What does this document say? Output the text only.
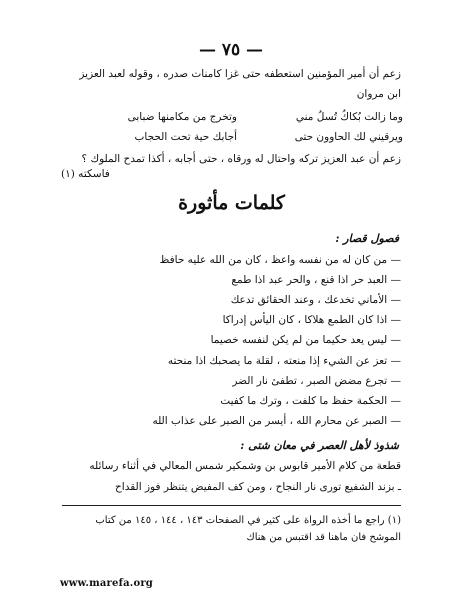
— ٧٥ —
زعم أن أمير المؤمنين استعطفه حتى غزا كامنات صدره ، وقوله لعبد العزيز
ابن مروان
وما زالت بُكاكُ تُسلُ مني
وتخرج من مكامنها ضبابى
ويرقيني لك الحاوون حتى
أجابك حية تحت الحجاب
زعم أن عبد العزيز تركه واحتال له ورقاه ، حتى أجابه ، أكذا تمدح الملوك ؟
فاسكته (١)
كلمات مأثورة
فصول قصار :
— من كان له من نفسه واعظ ، كان من الله عليه حافظ
— العبد حر اذا قنع ، والحر عبد اذا طمع
— الأماني تخدعك ، وعند الحقائق تدعك
— اذا كان الطمع هلاكا ، كان اليأس إدراكا
— ليس يعد حكيما من لم يكن لنفسه خصيما
— تعز عن الشيء إذا منعته ، لقلة ما يصحبك اذا منحته
— تجرع مضض الصبر ، تطفئ نار الضر
— الحكمة حفظ ما كلفت ، وترك ما كفيت
— الصبر عن محارم الله ، أيسر من الصبر على عذاب الله
شذوذ لأهل العصر في معان شتى :
قطعة من كلام الأمير قابوس بن وشمكير شمس المعالي في أثناء رسائله
ـ بزند الشفيع تورى نار النجاح ، ومن كف المفيض يتنظر فوز القداح
(١) راجع ما أخذه الرواة على كثير في الصفحات ١٤٣ ، ١٤٤ ، ١٤٥ من كتاب
الموشح فان ماهنا قد اقتبس من هناك
www.marefa.org
